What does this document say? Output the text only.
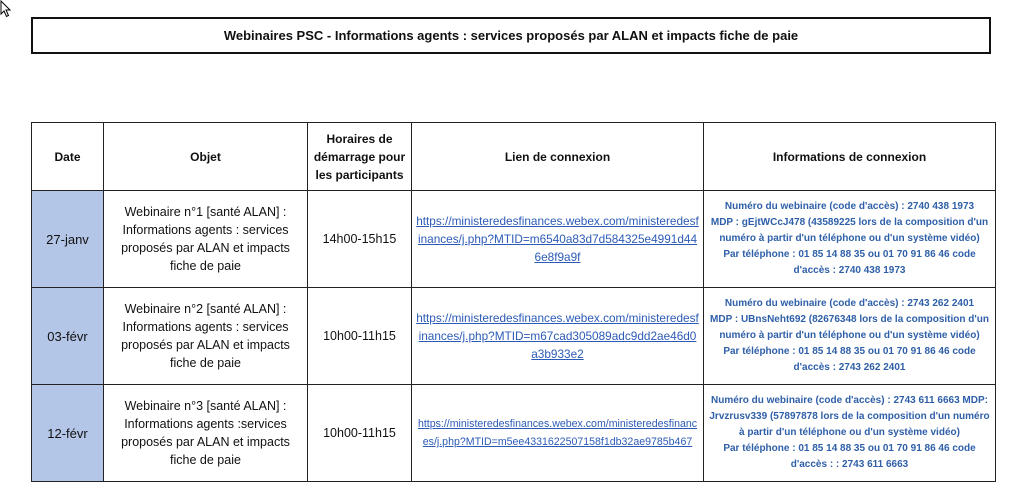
Webinaires PSC - Informations agents : services proposés par ALAN et impacts fiche de paie
Date	Objet	Horaires de démarrage pour les participants	Lien de connexion	Informations de connexion
27-janv	Webinaire n°1 [santé ALAN] : Informations agents : services proposés par ALAN et impacts fiche de paie	14h00-15h15	https://ministeredesfinances.webex.com/ministeredesfinances/j.php?MTID=m6540a83d7d584325e4991d446e8f9a9f	Numéro du webinaire (code d'accès) : 2740 438 1973
MDP : gEjtWCcJ478 (43589225 lors de la composition d'un numéro à partir d'un téléphone ou d'un système vidéo)
Par téléphone : 01 85 14 88 35 ou 01 70 91 86 46 code d'accès : 2740 438 1973

03-févr	Webinaire n°2 [santé ALAN] : Informations agents : services proposés par ALAN et impacts fiche de paie	10h00-11h15	https://ministeredesfinances.webex.com/ministeredesfinances/j.php?MTID=m67cad305089adc9dd2ae46d0a3b933e2	Numéro du webinaire (code d'accès) : 2743 262 2401
MDP : UBnsNeht692 (82676348 lors de la composition d'un numéro à partir d'un téléphone ou d'un système vidéo)
Par téléphone : 01 85 14 88 35 ou 01 70 91 86 46 code d'accès : 2743 262 2401

12-févr	Webinaire n°3 [santé ALAN] : Informations agents :services proposés par ALAN et impacts fiche de paie	10h00-11h15	https://ministeredesfinances.webex.com/ministeredesfinances/j.php?MTID=m5ee4331622507158f1db32ae9785b467	Numéro du webinaire (code d'accès) : 2743 611 6663 MDP: Jrvzrusv339 (57897878 lors de la composition d'un numéro à partir d'un téléphone ou d'un système vidéo)
Par téléphone : 01 85 14 88 35 ou 01 70 91 86 46 code d'accès : : 2743 611 6663
